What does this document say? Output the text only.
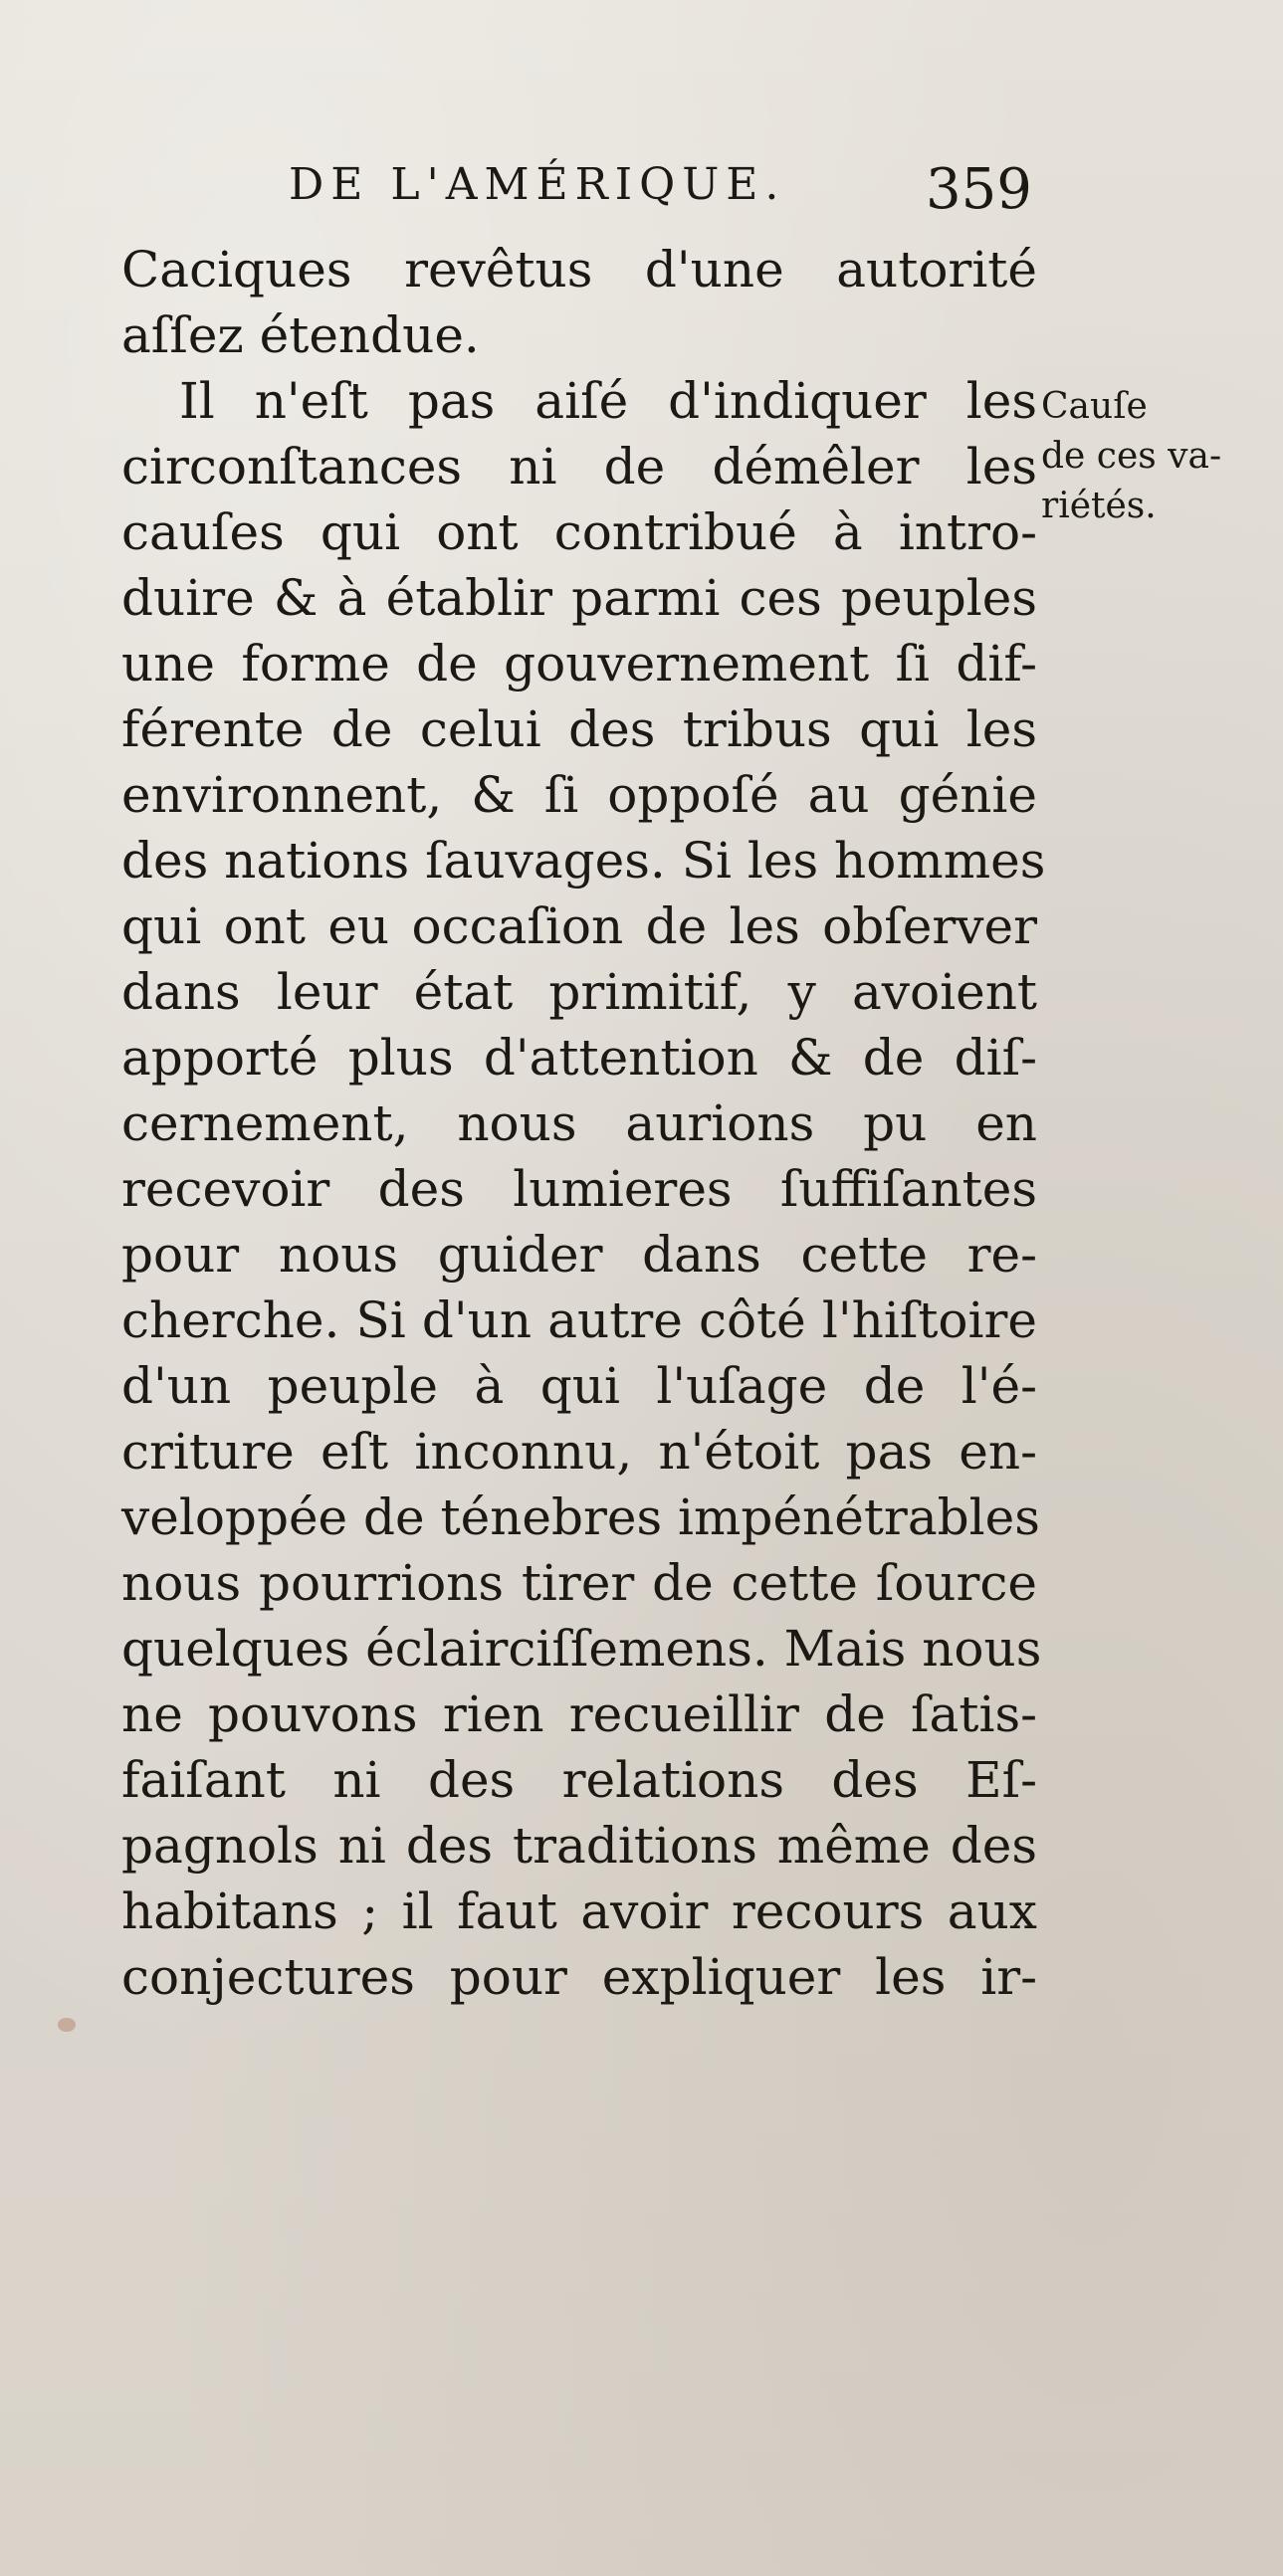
DE L'AMÉRIQUE.	359
Caciques revêtus d'une autorité
aſſez étendue.
Il n'eſt pas aiſé d'indiquer les
circonſtances ni de démêler les
cauſes qui ont contribué à intro-
duire & à établir parmi ces peuples
une forme de gouvernement ſi dif-
férente de celui des tribus qui les
environnent, & ſi oppoſé au génie
des nations ſauvages. Si les hommes
qui ont eu occaſion de les obſerver
dans leur état primitif, y avoient
apporté plus d'attention & de diſ-
cernement, nous aurions pu en
recevoir des lumieres ſuffiſantes
pour nous guider dans cette re-
cherche. Si d'un autre côté l'hiſtoire
d'un peuple à qui l'uſage de l'é-
criture eſt inconnu, n'étoit pas en-
veloppée de ténebres impénétrables
nous pourrions tirer de cette ſource
quelques éclairciſſemens. Mais nous
ne pouvons rien recueillir de ſatis-
faiſant ni des relations des Eſ-
pagnols ni des traditions même des
habitans ; il faut avoir recours aux
conjectures pour expliquer les ir-
Cauſe
de ces va-
riétés.
